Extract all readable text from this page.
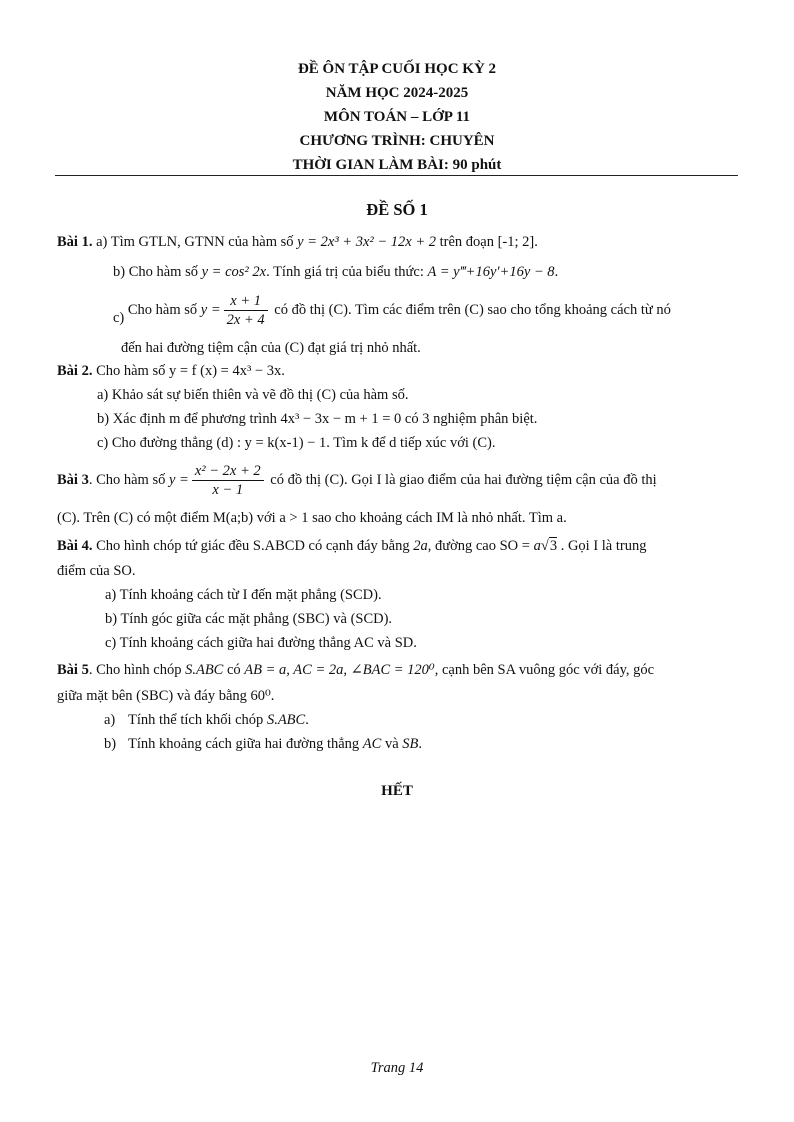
ĐỀ ÔN TẬP CUỐI HỌC KỲ 2
NĂM HỌC 2024-2025
MÔN TOÁN – LỚP 11
CHƯƠNG TRÌNH: CHUYÊN
THỜI GIAN LÀM BÀI: 90 phút
ĐỀ SỐ 1
Bài 1. a) Tìm GTLN, GTNN của hàm số y = 2x³ + 3x² − 12x + 2 trên đoạn [-1; 2].
b) Cho hàm số y = cos² 2x. Tính giá trị của biểu thức: A = y‴+16y′+16y − 8.
c) Cho hàm số $y = \frac{x + 1}{2x + 4}$ có đồ thị (C). Tìm các điểm trên (C) sao cho tổng khoảng cách từ nó
đến hai đường tiệm cận của (C) đạt giá trị nhỏ nhất.
Bài 2. Cho hàm số y = f (x) = 4x³ − 3x.
a) Khảo sát sự biến thiên và vẽ đồ thị (C) của hàm số.
b) Xác định m để phương trình 4x³ − 3x − m + 1 = 0 có 3 nghiệm phân biệt.
c) Cho đường thẳng (d) : y = k(x-1) − 1. Tìm k để d tiếp xúc với (C).
Bài 3. Cho hàm số $y = \frac{\text{x² − 2x + 2}}{x - 1}$ có đồ thị (C). Gọi I là giao điểm của hai đường tiệm cận của đồ thị
(C). Trên (C) có một điểm M(a;b) với a > 1 sao cho khoảng cách IM là nhỏ nhất. Tìm a.
Bài 4. Cho hình chóp tứ giác đều S.ABCD có cạnh đáy bằng 2a, đường cao SO = a√3 . Gọi I là trung
điểm của SO.
a) Tính khoảng cách từ I đến mặt phẳng (SCD).
b) Tính góc giữa các mặt phẳng (SBC) và (SCD).
c) Tính khoảng cách giữa hai đường thẳng AC và SD.
Bài 5. Cho hình chóp S.ABC có AB = a, AC = 2a, ∠BAC = 120⁰, cạnh bên SA vuông góc với đáy, góc
giữa mặt bên (SBC) và đáy bằng 60⁰.
a) Tính thể tích khối chóp S.ABC.
b) Tính khoảng cách giữa hai đường thẳng AC và SB.
HẾT
Trang 14
